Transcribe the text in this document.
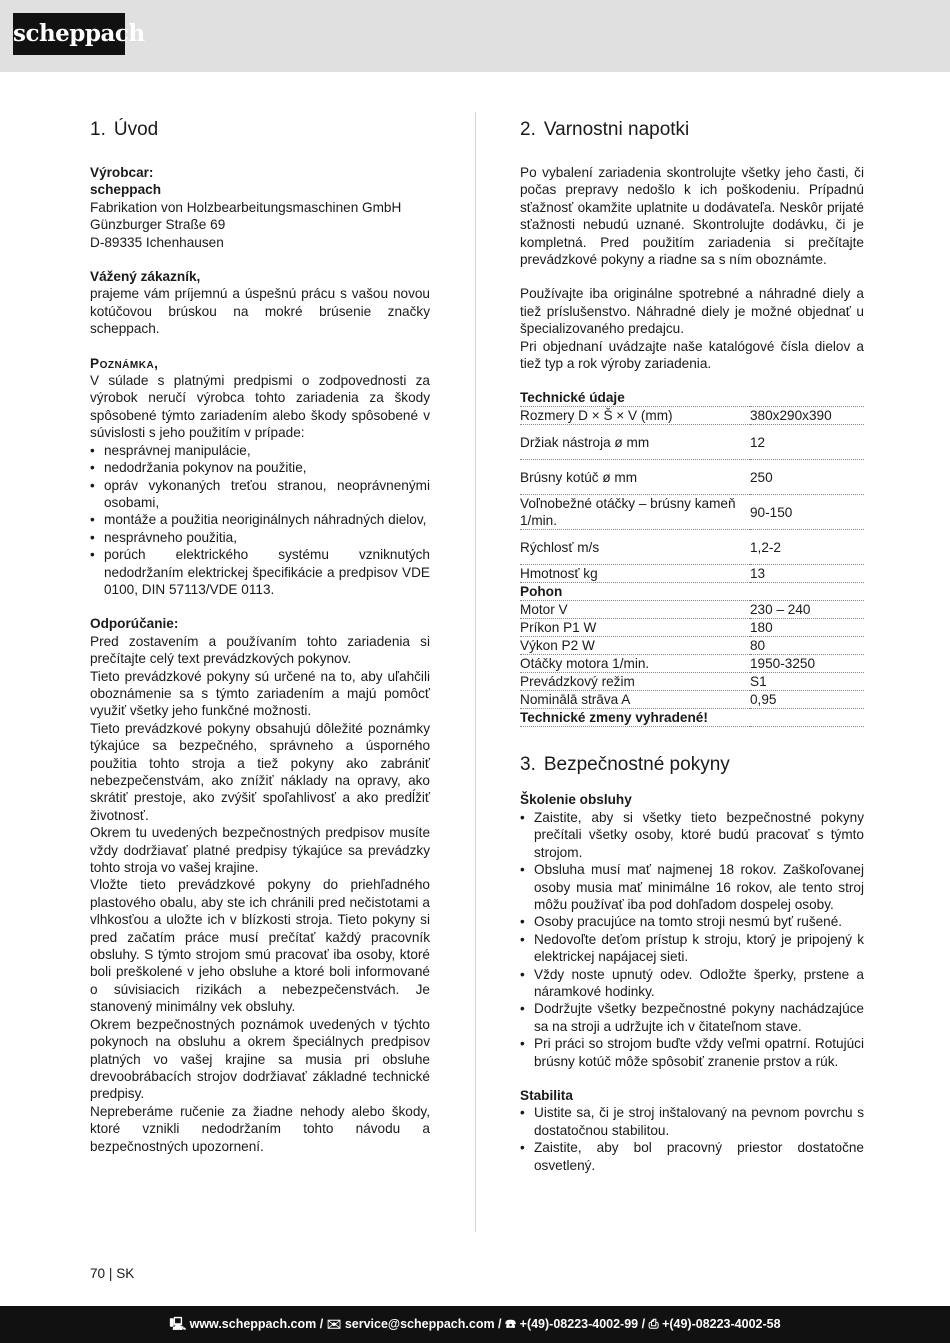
scheppach
1. Úvod
Výrobcar:
scheppach
Fabrikation von Holzbearbeitungsmaschinen GmbH
Günzburger Straße 69
D-89335 Ichenhausen
Vážený zákazník,

prajeme vám príjemnú a úspešnú prácu s vašou novou kotúčovou brúskou na mokré brúsenie značky scheppach.

Poznámka,

V súlade s platnými predpismi o zodpovednosti za výrobok neručí výrobca tohto zariadenia za škody spôsobené týmto zariadením alebo škody spôsobené v súvislosti s jeho použitím v prípade:

• nesprávnej manipulácie,
• nedodržania pokynov na použitie,
• opráv vykonaných treťou stranou, neoprávnenými osobami,
• montáže a použitia neoriginálnych náhradných dielov,
• nesprávneho použitia,
• porúch elektrického systému vzniknutých nedodržaním elektrickej špecifikácie a predpisov VDE 0100, DIN 57113/VDE 0113.
Odporúčanie:

Pred zostavením a používaním tohto zariadenia si prečítajte celý text prevádzkových pokynov.

Tieto prevádzkové pokyny sú určené na to, aby uľahčili oboznámenie sa s týmto zariadením a majú pomôcť využiť všetky jeho funkčné možnosti.

Tieto prevádzkové pokyny obsahujú dôležité poznámky týkajúce sa bezpečného, správneho a úsporného použitia tohto stroja a tiež pokyny ako zabrániť nebezpečenstvám, ako znížiť náklady na opravy, ako skrátiť prestoje, ako zvýšiť spoľahlivosť a ako predĺžiť životnosť.

Okrem tu uvedených bezpečnostných predpisov musíte vždy dodržiavať platné predpisy týkajúce sa prevádzky tohto stroja vo vašej krajine.

Vložte tieto prevádzkové pokyny do priehľadného plastového obalu, aby ste ich chránili pred nečistotami a vlhkosťou a uložte ich v blízkosti stroja. Tieto pokyny si pred začatím práce musí prečítať každý pracovník obsluhy. S týmto strojom smú pracovať iba osoby, ktoré boli preškolené v jeho obsluhe a ktoré boli informované o súvisiacich rizikách a nebezpečenstvách. Je stanovený minimálny vek obsluhy.

Okrem bezpečnostných poznámok uvedených v týchto pokynoch na obsluhu a okrem špeciálnych predpisov platných vo vašej krajine sa musia pri obsluhe drevoobrábacích strojov dodržiavať základné technické predpisy.

Nepreberáme ručenie za žiadne nehody alebo škody, ktoré vznikli nedodržaním tohto návodu a bezpečnostných upozornení.

2. Varnostni napotki

Po vybalení zariadenia skontrolujte všetky jeho časti, či počas prepravy nedošlo k ich poškodeniu. Prípadnú sťažnosť okamžite uplatnite u dodávateľa. Neskôr prijaté sťažnosti nebudú uznané. Skontrolujte dodávku, či je kompletná. Pred použitím zariadenia si prečítajte prevádzkové pokyny a riadne sa s ním oboznámte.

Používajte iba originálne spotrebné a náhradné diely a tiež príslušenstvo. Náhradné diely je možné objednať u špecializovaného predajcu.

Pri objednaní uvádzajte naše katalógové čísla dielov a tiež typ a rok výroby zariadenia.

Technické údaje	
Rozmery D × Š × V (mm)	380x290x390
Držiak nástroja ø mm	12
Brúsny kotúč ø mm	250
Voľnobežné otáčky – brúsny kameň 1/min.	90-150
Rýchlosť m/s	1,2-2
Hmotnosť kg	13
Pohon	
Motor V	230 – 240
Príkon P1 W	180
Výkon P2 W	80
Otáčky motora 1/min.	1950-3250
Prevádzkový režim	S1
Nominālā strāva A	0,95
Technické zmeny vyhradené!	
3. Bezpečnostné pokyny
Školenie obsluhy
• Zaistite, aby si všetky tieto bezpečnostné pokyny prečítali všetky osoby, ktoré budú pracovať s týmto strojom.
• Obsluha musí mať najmenej 18 rokov. Zaškoľovanej osoby musia mať minimálne 16 rokov, ale tento stroj môžu používať iba pod dohľadom dospelej osoby.
• Osoby pracujúce na tomto stroji nesmú byť rušené.
• Nedovoľte deťom prístup k stroju, ktorý je pripojený k elektrickej napájacej sieti.
• Vždy noste upnutý odev. Odložte šperky, prstene a náramkové hodinky.
• Dodržujte všetky bezpečnostné pokyny nachádzajúce sa na stroji a udržujte ich v čitateľnom stave.
• Pri práci so strojom buďte vždy veľmi opatrní. Rotujúci brúsny kotúč môže spôsobiť zranenie prstov a rúk.
Stabilita
• Uistite sa, či je stroj inštalovaný na pevnom povrchu s dostatočnou stabilitou.
• Zaistite, aby bol pracovný priestor dostatočne osvetlený.
70 | SK
🖳 www.scheppach.com / ✉ service@scheppach.com / ☎ +(49)-08223-4002-99 / ⎙ +(49)-08223-4002-58
